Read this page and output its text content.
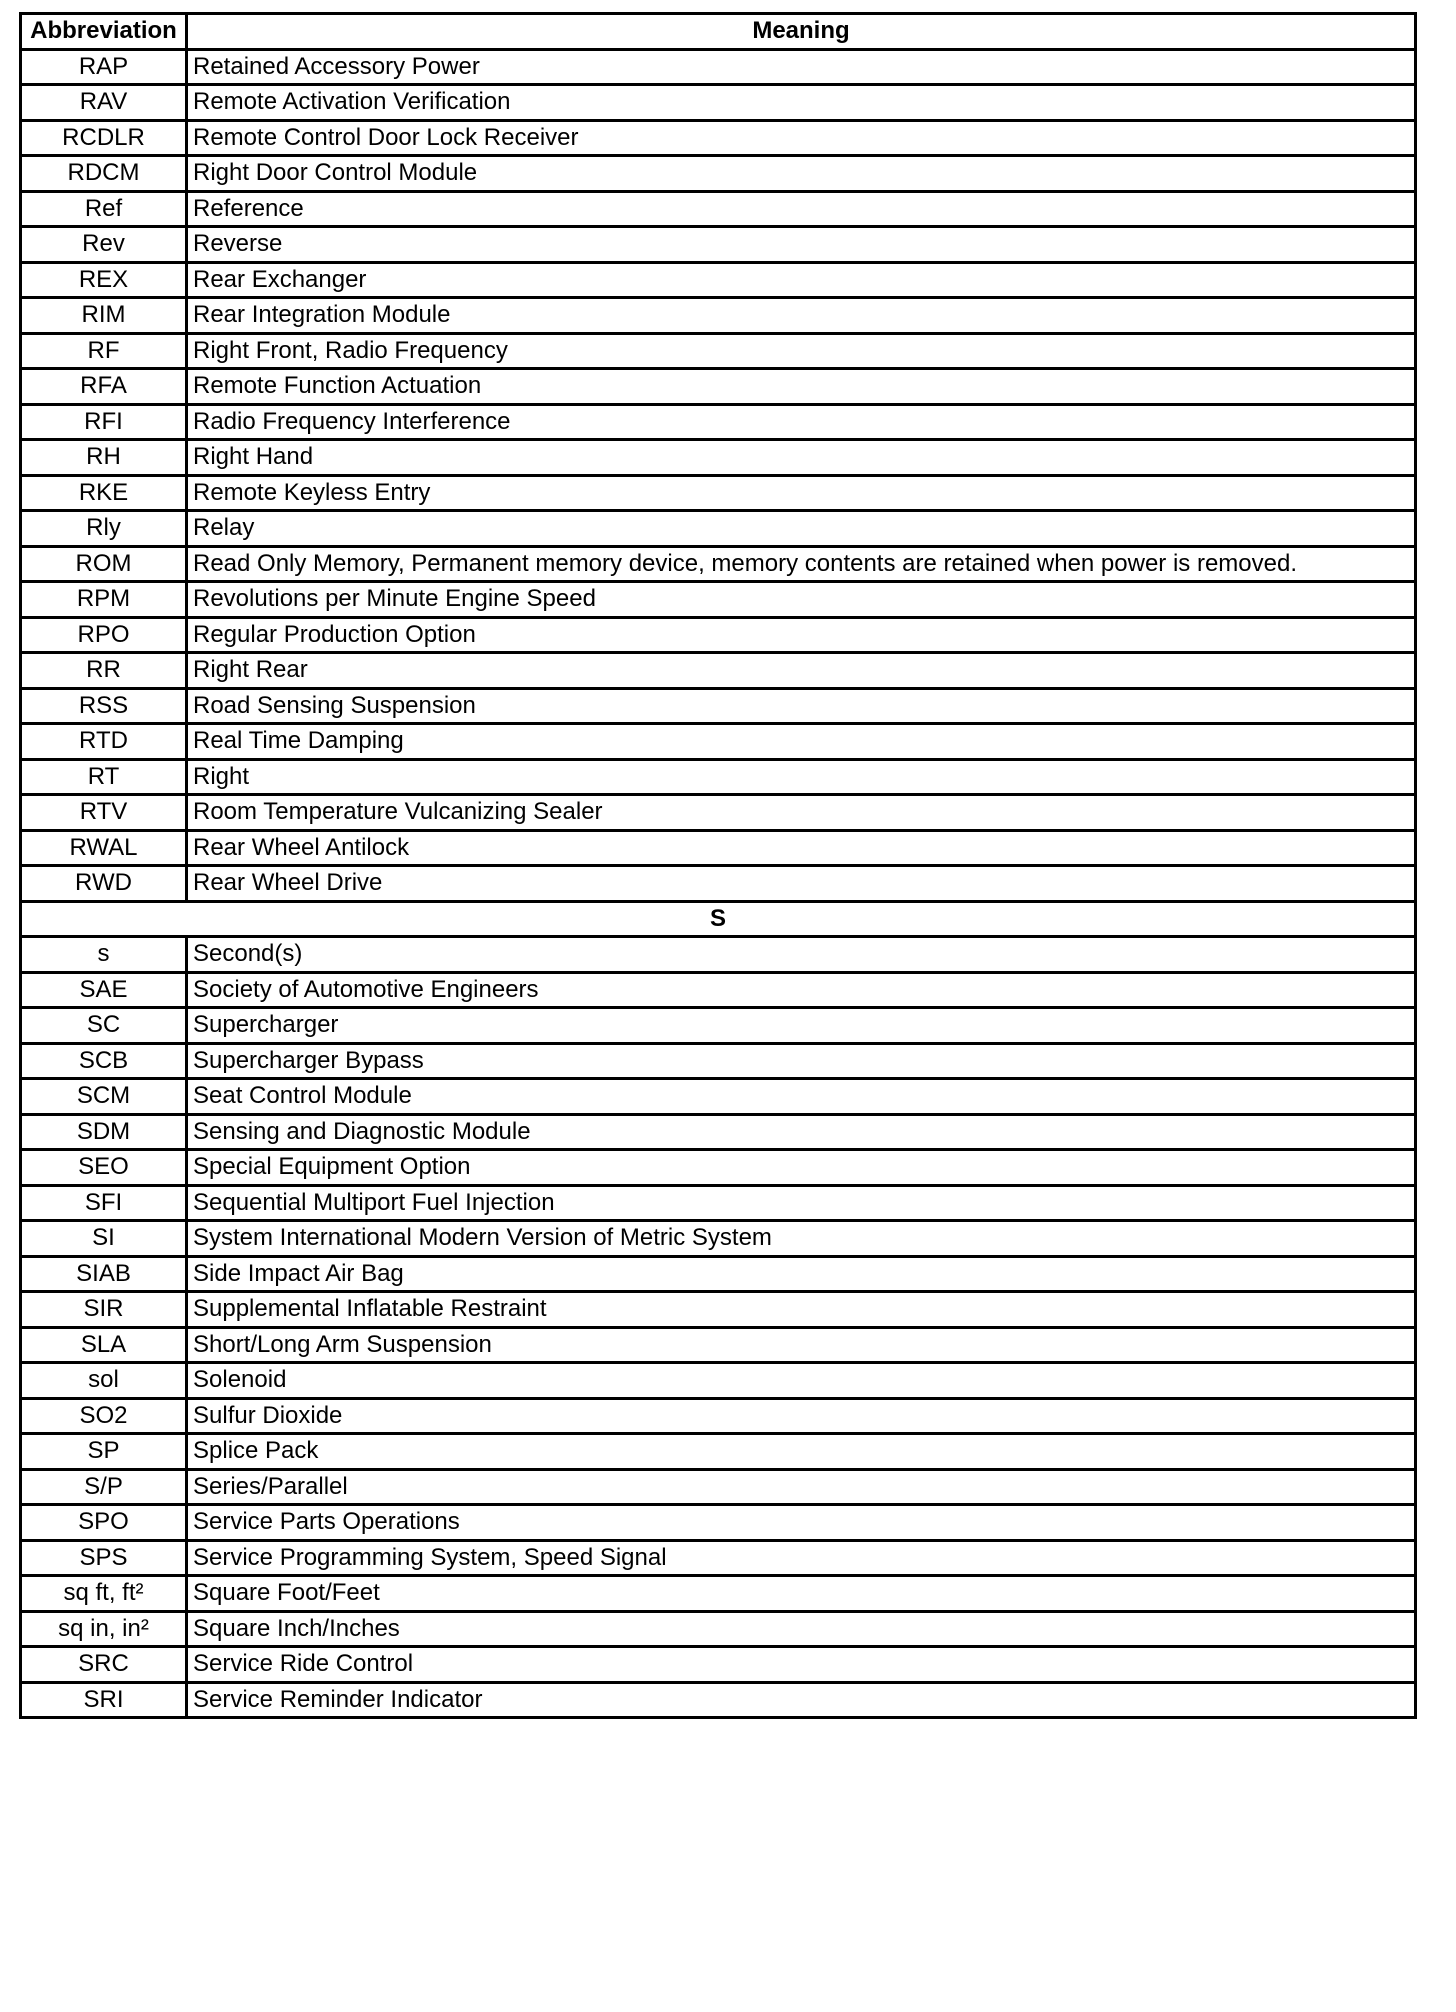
Abbreviation	Meaning
RAP	Retained Accessory Power
RAV	Remote Activation Verification
RCDLR	Remote Control Door Lock Receiver
RDCM	Right Door Control Module
Ref	Reference
Rev	Reverse
REX	Rear Exchanger
RIM	Rear Integration Module
RF	Right Front, Radio Frequency
RFA	Remote Function Actuation
RFI	Radio Frequency Interference
RH	Right Hand
RKE	Remote Keyless Entry
Rly	Relay
ROM	Read Only Memory, Permanent memory device, memory contents are retained when power is removed.
RPM	Revolutions per Minute Engine Speed
RPO	Regular Production Option
RR	Right Rear
RSS	Road Sensing Suspension
RTD	Real Time Damping
RT	Right
RTV	Room Temperature Vulcanizing Sealer
RWAL	Rear Wheel Antilock
RWD	Rear Wheel Drive
S	
s	Second(s)
SAE	Society of Automotive Engineers
SC	Supercharger
SCB	Supercharger Bypass
SCM	Seat Control Module
SDM	Sensing and Diagnostic Module
SEO	Special Equipment Option
SFI	Sequential Multiport Fuel Injection
SI	System International Modern Version of Metric System
SIAB	Side Impact Air Bag
SIR	Supplemental Inflatable Restraint
SLA	Short/Long Arm Suspension
sol	Solenoid
SO2	Sulfur Dioxide
SP	Splice Pack
S/P	Series/Parallel
SPO	Service Parts Operations
SPS	Service Programming System, Speed Signal
sq ft, ft²	Square Foot/Feet
sq in, in²	Square Inch/Inches
SRC	Service Ride Control
SRI	Service Reminder Indicator
